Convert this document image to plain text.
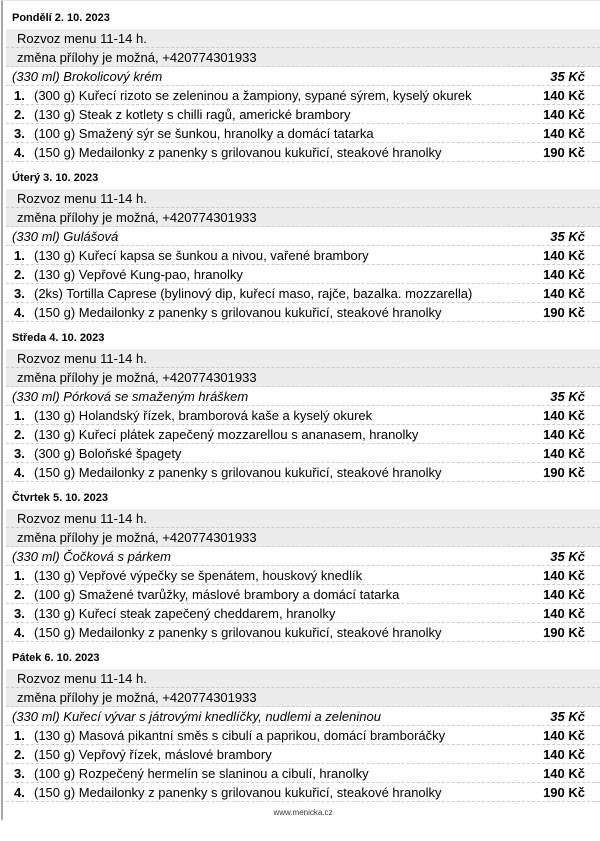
Pondělí 2. 10. 2023
Rozvoz menu 11-14 h.
změna přílohy je možná, +420774301933
(330 ml) Brokolicový krém	35 Kč
1. (300 g) Kuřecí rizoto se zeleninou a žampiony, sypané sýrem, kyselý okurek	140 Kč
2. (130 g) Steak z kotlety s chilli ragů, americké brambory	140 Kč
3. (100 g) Smažený sýr se šunkou, hranolky a domácí tatarka	140 Kč
4. (150 g) Medailonky z panenky s grilovanou kukuřicí, steakové hranolky	190 Kč
Úterý 3. 10. 2023
Rozvoz menu 11-14 h.
změna přílohy je možná, +420774301933
(330 ml) Gulášová	35 Kč
1. (130 g) Kuřecí kapsa se šunkou a nivou, vařené brambory	140 Kč
2. (130 g) Vepřové Kung-pao, hranolky	140 Kč
3. (2ks) Tortilla Caprese (bylinový dip, kuřecí maso, rajče, bazalka. mozzarella)	140 Kč
4. (150 g) Medailonky z panenky s grilovanou kukuřicí, steakové hranolky	190 Kč
Středa 4. 10. 2023
Rozvoz menu 11-14 h.
změna přílohy je možná, +420774301933
(330 ml) Pórková se smaženým hráškem	35 Kč
1. (130 g) Holandský řízek, bramborová kaše a kyselý okurek	140 Kč
2. (130 g) Kuřecí plátek zapečený mozzarellou s ananasem, hranolky	140 Kč
3. (300 g) Boloňské špagety	140 Kč
4. (150 g) Medailonky z panenky s grilovanou kukuřicí, steakové hranolky	190 Kč
Čtvrtek 5. 10. 2023
Rozvoz menu 11-14 h.
změna přílohy je možná, +420774301933
(330 ml) Čočková s párkem	35 Kč
1. (130 g) Vepřové výpečky se špenátem, houskový knedlík	140 Kč
2. (100 g) Smažené tvarůžky, máslové brambory a domácí tatarka	140 Kč
3. (130 g) Kuřecí steak zapečený cheddarem, hranolky	140 Kč
4. (150 g) Medailonky z panenky s grilovanou kukuřicí, steakové hranolky	190 Kč
Pátek 6. 10. 2023
Rozvoz menu 11-14 h.
změna přílohy je možná, +420774301933
(330 ml) Kuřecí vývar s játrovými knedlíčky, nudlemi a zeleninou	35 Kč
1. (130 g) Masová pikantní směs s cibulí a paprikou, domácí bramboráčky	140 Kč
2. (150 g) Vepřový řízek, máslové brambory	140 Kč
3. (100 g) Rozpečený hermelín se slaninou a cibulí, hranolky	140 Kč
4. (150 g) Medailonky z panenky s grilovanou kukuřicí, steakové hranolky	190 Kč
www.menicka.cz
